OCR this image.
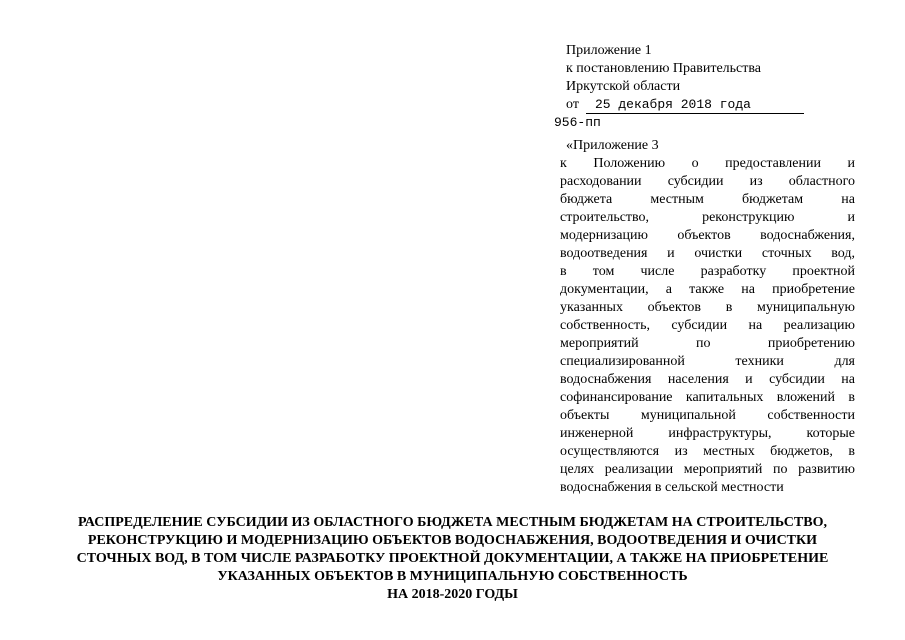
Приложение 1
к постановлению Правительства
Иркутской области
от 25 декабря 2018 года
956-пп
«Приложение 3
к Положению о предоставлении и
расходовании субсидии из областного
бюджета местным бюджетам на
строительство, реконструкцию и
модернизацию объектов водоснабжения,
водоотведения и очистки сточных вод,
в том числе разработку проектной
документации, а также на приобретение
указанных объектов в муниципальную
собственность, субсидии на реализацию
мероприятий по приобретению
специализированной техники для
водоснабжения населения и субсидии на
софинансирование капитальных вложений в
объекты муниципальной собственности
инженерной инфраструктуры, которые
осуществляются из местных бюджетов, в
целях реализации мероприятий по развитию
водоснабжения в сельской местности
РАСПРЕДЕЛЕНИЕ СУБСИДИИ ИЗ ОБЛАСТНОГО БЮДЖЕТА МЕСТНЫМ БЮДЖЕТАМ НА СТРОИТЕЛЬСТВО,
РЕКОНСТРУКЦИЮ И МОДЕРНИЗАЦИЮ ОБЪЕКТОВ ВОДОСНАБЖЕНИЯ, ВОДООТВЕДЕНИЯ И ОЧИСТКИ
СТОЧНЫХ ВОД, В ТОМ ЧИСЛЕ РАЗРАБОТКУ ПРОЕКТНОЙ ДОКУМЕНТАЦИИ, А ТАКЖЕ НА ПРИОБРЕТЕНИЕ
УКАЗАННЫХ ОБЪЕКТОВ В МУНИЦИПАЛЬНУЮ СОБСТВЕННОСТЬ
НА 2018-2020 ГОДЫ
